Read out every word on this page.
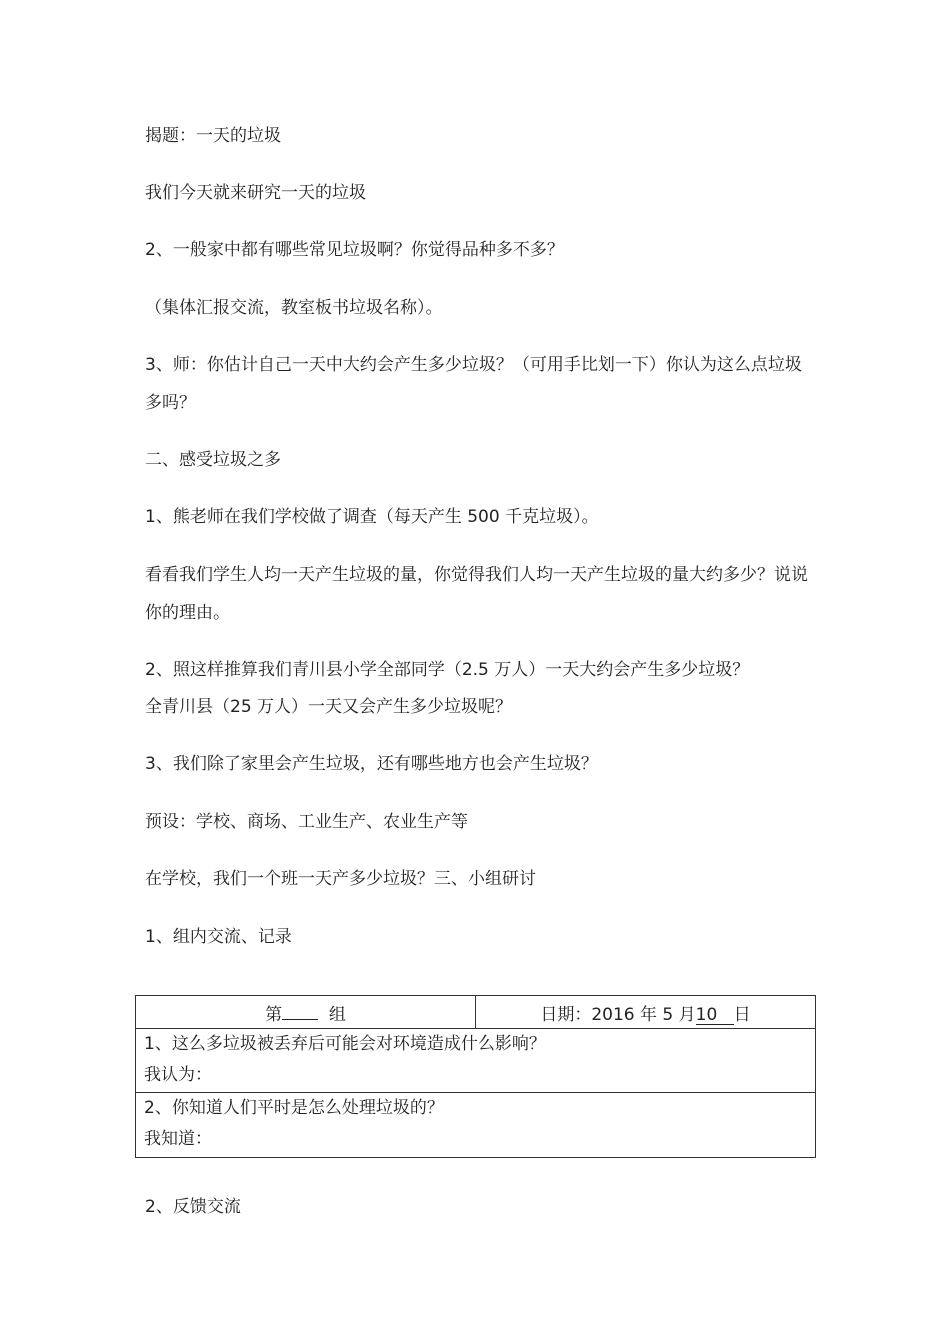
揭题：一天的垃圾
我们今天就来研究一天的垃圾
2、一般家中都有哪些常见垃圾啊？你觉得品种多不多？
（集体汇报交流，教室板书垃圾名称）。
3、师：你估计自己一天中大约会产生多少垃圾？（可用手比划一下）你认为这么点垃圾多吗？
二、感受垃圾之多
1、熊老师在我们学校做了调查（每天产生 500 千克垃圾）。
看看我们学生人均一天产生垃圾的量，你觉得我们人均一天产生垃圾的量大约多少？说说你的理由。
2、照这样推算我们青川县小学全部同学（2.5 万人）一天大约会产生多少垃圾？
全青川县（25 万人）一天又会产生多少垃圾呢？
3、我们除了家里会产生垃圾，还有哪些地方也会产生垃圾？
预设：学校、商场、工业生产、农业生产等
在学校，我们一个班一天产多少垃圾？三、小组研讨
1、组内交流、记录
第	组	日期：2016 年 5 月10 日

1、这么多垃圾被丢弃后可能会对环境造成什么影响？
我认为：

2、你知道人们平时是怎么处理垃圾的？
我知道：
2、反馈交流
